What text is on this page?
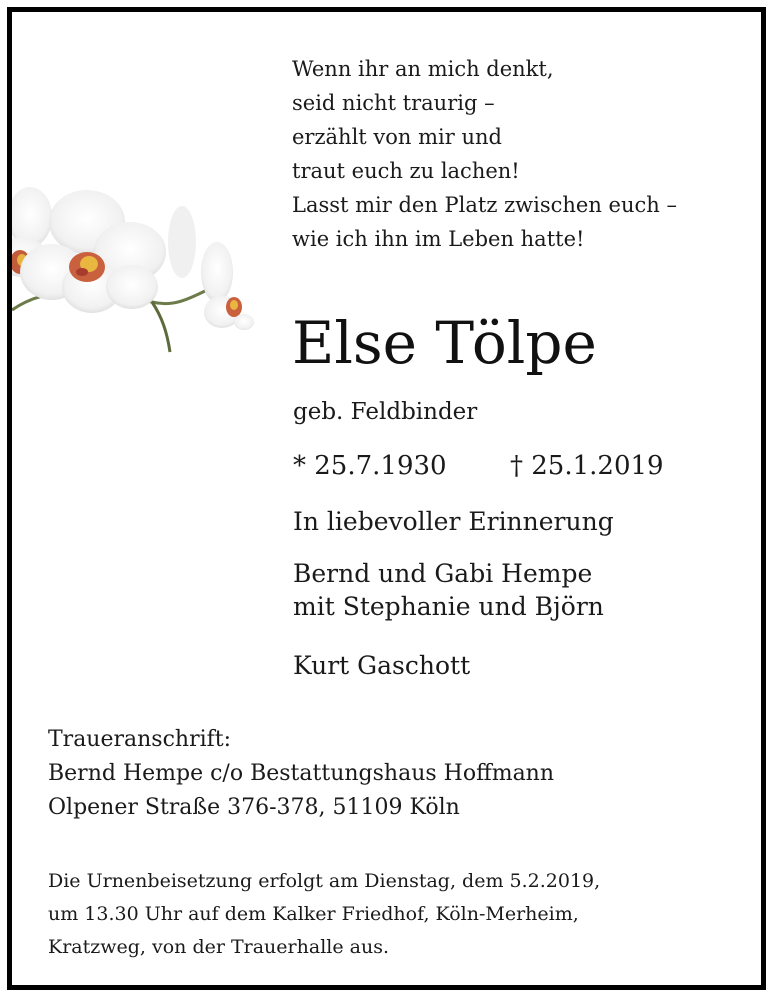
Wenn ihr an mich denkt,
seid nicht traurig –
erzählt von mir und
traut euch zu lachen!
Lasst mir den Platz zwischen euch –
wie ich ihn im Leben hatte!
Else Tölpe
geb. Feldbinder
* 25.7.1930 † 25.1.2019
In liebevoller Erinnerung
Bernd und Gabi Hempe
mit Stephanie und Björn
Kurt Gaschott
Traueranschrift:
Bernd Hempe c/o Bestattungshaus Hoffmann
Olpener Straße 376-378, 51109 Köln
Die Urnenbeisetzung erfolgt am Dienstag, dem 5.2.2019,
um 13.30 Uhr auf dem Kalker Friedhof, Köln-Merheim,
Kratzweg, von der Trauerhalle aus.
